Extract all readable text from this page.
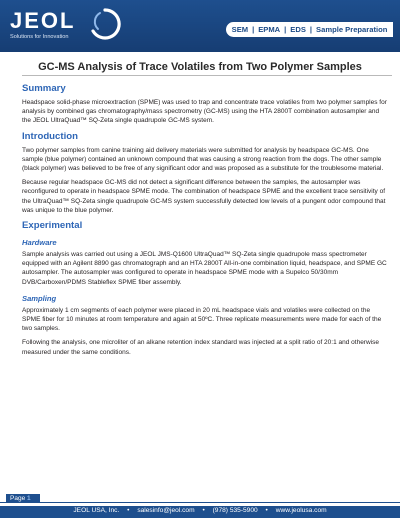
JEOL
Solutions for Innovation
SEM | EPMA | EDS | Sample Preparation
GC-MS Analysis of Trace Volatiles from Two Polymer Samples
Summary

Headspace solid-phase microextraction (SPME) was used to trap and concentrate trace volatiles from two polymer samples for analysis by combined gas chromatography/mass spectrometry (GC-MS) using the HTA 2800T combination autosampler and the JEOL UltraQuad™ SQ-Zeta single quadrupole GC-MS system.

Introduction

Two polymer samples from canine training aid delivery materials were submitted for analysis by headspace GC-MS. One sample (blue polymer) contained an unknown compound that was causing a strong reaction from the dogs. The other sample (black polymer) was believed to be free of any significant odor and was proposed as a substitute for the troublesome material.

Because regular headspace GC-MS did not detect a significant difference between the samples, the autosampler was reconfigured to operate in headspace SPME mode. The combination of headspace SPME and the excellent trace sensitivity of the UltraQuad™ SQ-Zeta single quadrupole GC-MS system successfully detected low levels of a pungent odor compound that was unique to the blue polymer.

Experimental
Hardware

Sample analysis was carried out using a JEOL JMS-Q1600 UltraQuad™ SQ-Zeta single quadrupole mass spectrometer equipped with an Agilent 8890 gas chromatograph and an HTA 2800T All-in-one combination liquid, headspace, and SPME GC autosampler. The autosampler was configured to operate in headspace SPME mode with a Supelco 50/30mm DVB/Carboxen/PDMS Stableflex SPME fiber assembly.

Sampling

Approximately 1 cm segments of each polymer were placed in 20 mL headspace vials and volatiles were collected on the SPME fiber for 10 minutes at room temperature and again at 50ºC. Three replicate measurements were made for each of the two samples.

Following the analysis, one microliter of an alkane retention index standard was injected at a split ratio of 20:1 and otherwise measured under the same conditions.

Page 1
JEOL USA, Inc. • salesinfo@jeol.com • (978) 535-5900 • www.jeolusa.com
